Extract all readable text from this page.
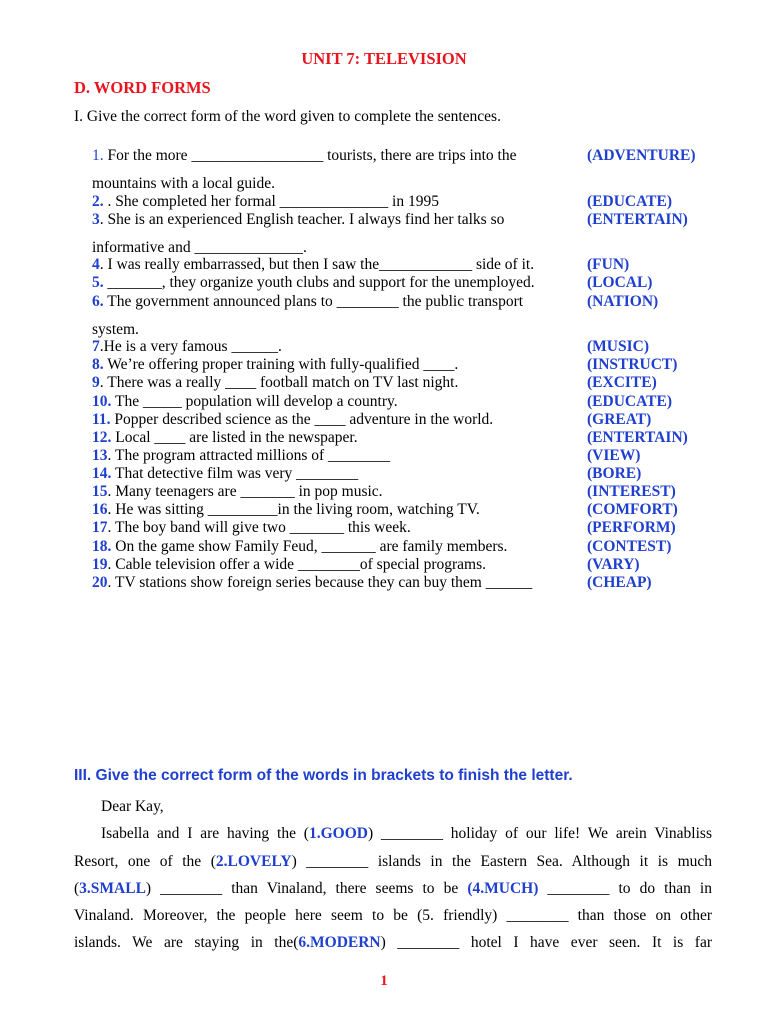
UNIT 7: TELEVISION
D. WORD FORMS
I. Give the correct form of the word given to complete the sentences.
1. For the more _________________ tourists, there are trips into the	(ADVENTURE)
mountains with a local guide.
2. . She completed her formal ______________ in 1995	(EDUCATE)
3. She is an experienced English teacher. I always find her talks so	(ENTERTAIN)
informative and ______________.
4. I was really embarrassed, but then I saw the____________ side of it.	(FUN)
5. _______, they organize youth clubs and support for the unemployed.	(LOCAL)
6. The government announced plans to ________ the public transport	(NATION)
system.
7.He is a very famous ______.	(MUSIC)
8. We’re offering proper training with fully-qualified ____.	(INSTRUCT)
9. There was a really ____ football match on TV last night.	(EXCITE)
10. The _____ population will develop a country.	(EDUCATE)
11. Popper described science as the ____ adventure in the world.	(GREAT)
12. Local ____ are listed in the newspaper.	(ENTERTAIN)
13. The program attracted millions of ________	(VIEW)
14. That detective film was very ________	(BORE)
15. Many teenagers are _______ in pop music.	(INTEREST)
16. He was sitting _________in the living room, watching TV.	(COMFORT)
17. The boy band will give two _______ this week.	(PERFORM)
18. On the game show Family Feud, _______ are family members.	(CONTEST)
19. Cable television offer a wide ________of special programs.	(VARY)
20. TV stations show foreign series because they can buy them ______	(CHEAP)
III. Give the correct form of the words in brackets to finish the letter.
Dear Kay,
Isabella and I are having the (1.GOOD) ________ holiday of our life! We arein Vinabliss
Resort, one of the (2.LOVELY) ________ islands in the Eastern Sea. Although it is much
(3.SMALL) ________ than Vinaland, there seems to be (4.MUCH) ________ to do than in
Vinaland. Moreover, the people here seem to be (5. friendly) ________ than those on other
islands. We are staying in the(6.MODERN) ________ hotel I have ever seen. It is far
1
